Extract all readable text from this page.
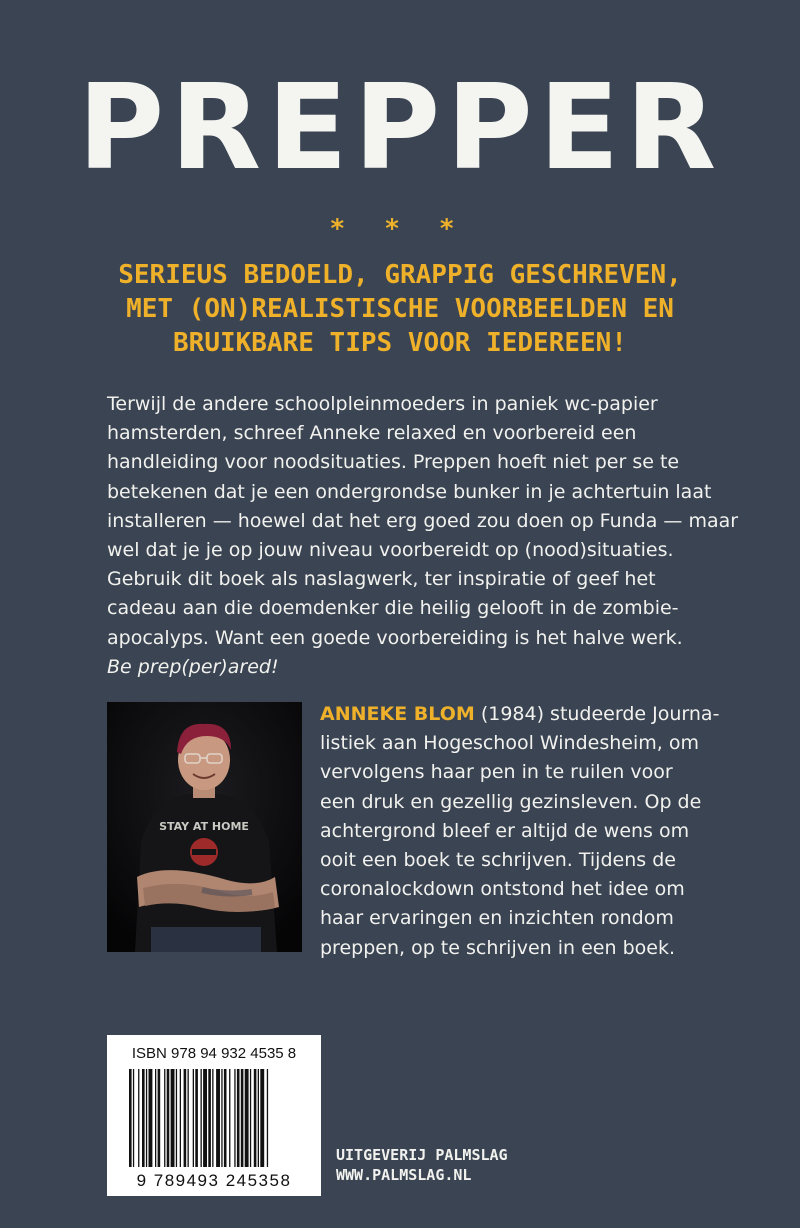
PREPPER
* * *
SERIEUS BEDOELD, GRAPPIG GESCHREVEN,
MET (ON)REALISTISCHE VOORBEELDEN EN
BRUIKBARE TIPS VOOR IEDEREEN!
Terwijl de andere schoolpleinmoeders in paniek wc-papier
hamsterden, schreef Anneke relaxed en voorbereid een
handleiding voor noodsituaties. Preppen hoeft niet per se te
betekenen dat je een ondergrondse bunker in je achtertuin laat
installeren — hoewel dat het erg goed zou doen op Funda — maar
wel dat je je op jouw niveau voorbereidt op (nood)situaties.
Gebruik dit boek als naslagwerk, ter inspiratie of geef het
cadeau aan die doemdenker die heilig gelooft in de zombie-
apocalyps. Want een goede voorbereiding is het halve werk.
Be prep(per)ared!
STAY AT HOME
ANNEKE BLOM (1984) studeerde Journa-
listiek aan Hogeschool Windesheim, om
vervolgens haar pen in te ruilen voor
een druk en gezellig gezinsleven. Op de
achtergrond bleef er altijd de wens om
ooit een boek te schrijven. Tijdens de
coronalockdown ontstond het idee om
haar ervaringen en inzichten rondom
preppen, op te schrijven in een boek.
ISBN 978 94 932 4535 8
9 789493 245358
UITGEVERIJ PALMSLAG
WWW.PALMSLAG.NL
